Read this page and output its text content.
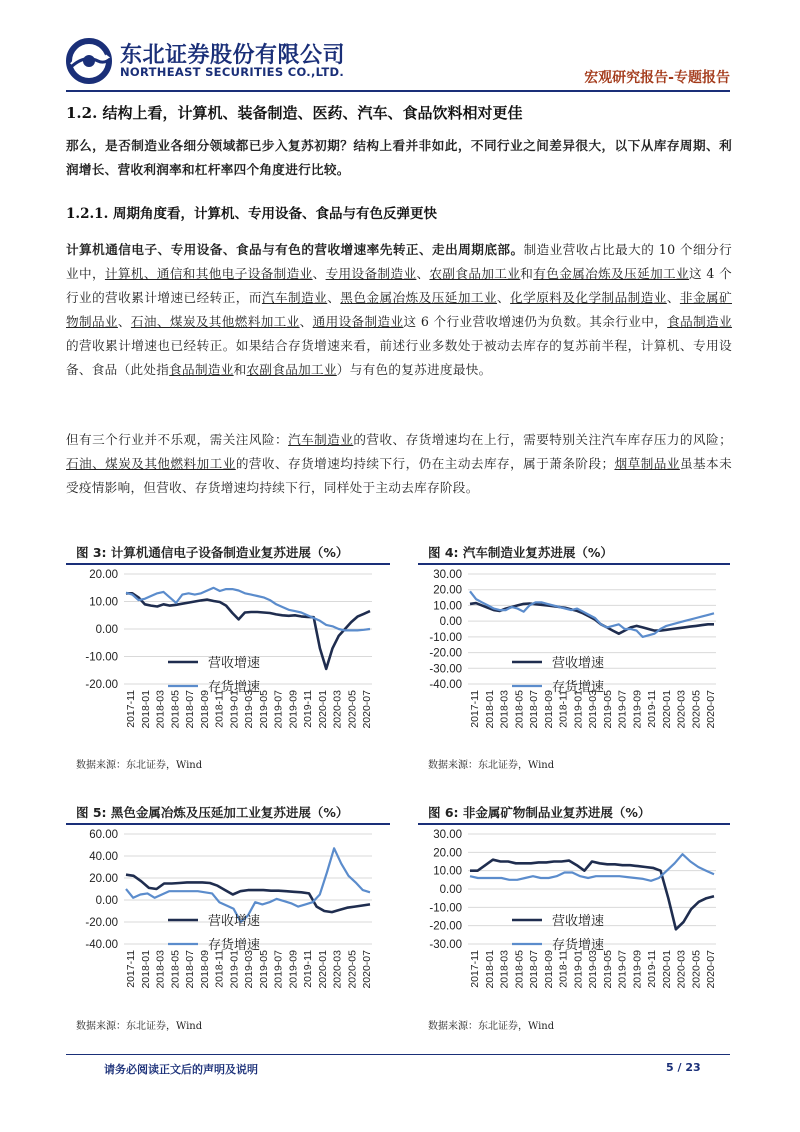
东北证券股份有限公司
NORTHEAST SECURITIES CO.,LTD.	宏观研究报告-专题报告
1.2. 结构上看，计算机、装备制造、医药、汽车、食品饮料相对更佳
那么，是否制造业各细分领域都已步入复苏初期？结构上看并非如此，不同行业之间差异很大，以下从库存周期、利润增长、营收利润率和杠杆率四个角度进行比较。
1.2.1. 周期角度看，计算机、专用设备、食品与有色反弹更快
计算机通信电子、专用设备、食品与有色的营收增速率先转正、走出周期底部。制造业营收占比最大的 10 个细分行业中，计算机、通信和其他电子设备制造业、专用设备制造业、农副食品加工业和有色金属冶炼及压延加工业这 4 个行业的营收累计增速已经转正，而汽车制造业、黑色金属冶炼及压延加工业、化学原料及化学制品制造业、非金属矿物制品业、石油、煤炭及其他燃料加工业、通用设备制造业这 6 个行业营收增速仍为负数。其余行业中，食品制造业的营收累计增速也已经转正。如果结合存货增速来看，前述行业多数处于被动去库存的复苏前半程，计算机、专用设备、食品（此处指食品制造业和农副食品加工业）与有色的复苏进度最快。
但有三个行业并不乐观，需关注风险：汽车制造业的营收、存货增速均在上行，需要特别关注汽车库存压力的风险；石油、煤炭及其他燃料加工业的营收、存货增速均持续下行，仍在主动去库存，属于萧条阶段；烟草制品业虽基本未受疫情影响，但营收、存货增速均持续下行，同样处于主动去库存阶段。
图 3: 计算机通信电子设备制造业复苏进展（%）
20.00
10.00
0.00
-10.00
-20.00
2017-11 2018-01 2018-03 2018-05 2018-07 2018-09 2018-11 2019-01 2019-03 2019-05 2019-07 2019-09 2019-11 2020-01 2020-03 2020-05 2020-07
营收增速
存货增速
数据来源：东北证券，Wind
图 4: 汽车制造业复苏进展（%）
30.00
20.00
10.00
0.00
-10.00
-20.00
-30.00
-40.00
2017-11 2018-01 2018-03 2018-05 2018-07 2018-09 2018-11 2019-01 2019-03 2019-05 2019-07 2019-09 2019-11 2020-01 2020-03 2020-05 2020-07
营收增速
存货增速
数据来源：东北证券，Wind
图 5: 黑色金属冶炼及压延加工业复苏进展（%）
60.00
40.00
20.00
0.00
-20.00
-40.00
2017-11 2018-01 2018-03 2018-05 2018-07 2018-09 2018-11 2019-01 2019-03 2019-05 2019-07 2019-09 2019-11 2020-01 2020-03 2020-05 2020-07
营收增速
存货增速
数据来源：东北证券，Wind
图 6: 非金属矿物制品业复苏进展（%）
30.00
20.00
10.00
0.00
-10.00
-20.00
-30.00
2017-11 2018-01 2018-03 2018-05 2018-07 2018-09 2018-11 2019-01 2019-03 2019-05 2019-07 2019-09 2019-11 2020-01 2020-03 2020-05 2020-07
营收增速
存货增速
数据来源：东北证券，Wind
请务必阅读正文后的声明及说明	5 / 23
